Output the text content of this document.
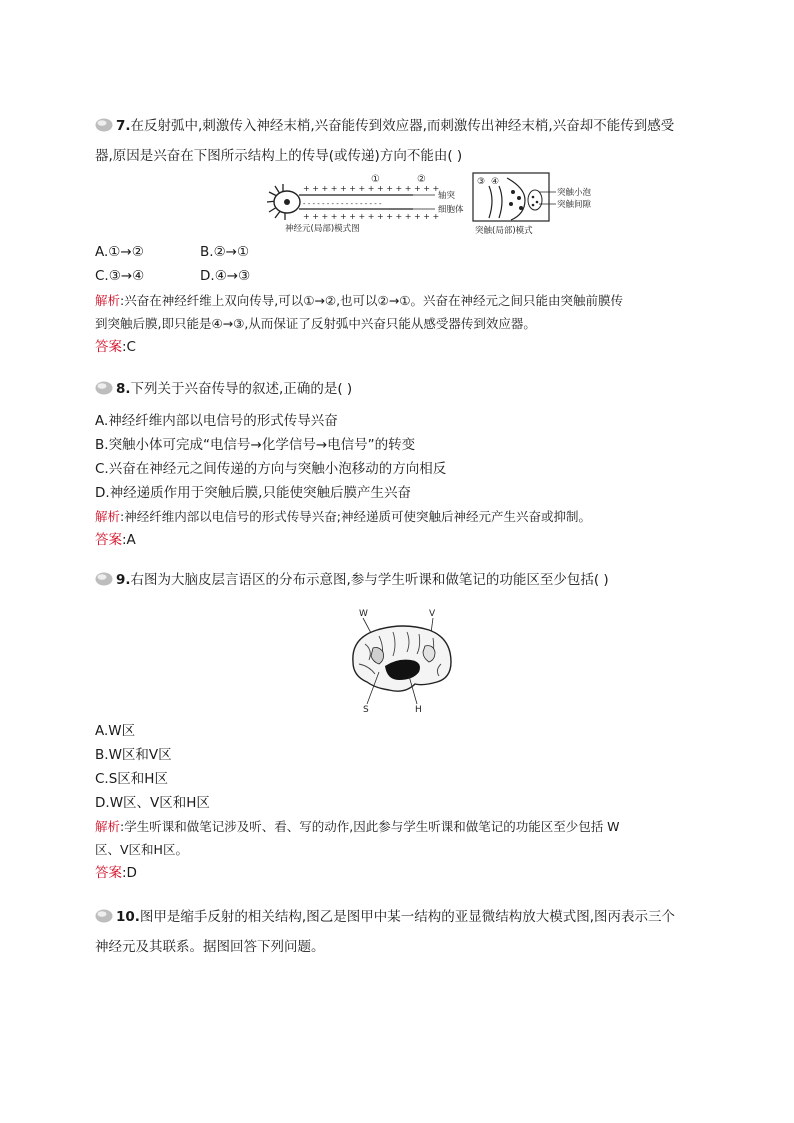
7.在反射弧中,刺激传入神经末梢,兴奋能传到效应器,而刺激传出神经末梢,兴奋却不能传到感受
器,原因是兴奋在下图所示结构上的传导(或传递)方向不能由( )
+ + + + + + + + + + + + + + +
+ + + + + + + + + + + + + + +
- - - - - - - - - - - - - - - - -
①	②
轴突
细胞体
神经元(局部)模式图
③ ④
突触小泡
突触间隙
突触(局部)模式
A.①→②	B.②→①
C.③→④	D.④→③
解析:兴奋在神经纤维上双向传导,可以①→②,也可以②→①。兴奋在神经元之间只能由突触前膜传
到突触后膜,即只能是④→③,从而保证了反射弧中兴奋只能从感受器传到效应器。
答案:C
8.下列关于兴奋传导的叙述,正确的是( )
A.神经纤维内部以电信号的形式传导兴奋
B.突触小体可完成“电信号→化学信号→电信号”的转变
C.兴奋在神经元之间传递的方向与突触小泡移动的方向相反
D.神经递质作用于突触后膜,只能使突触后膜产生兴奋
解析:神经纤维内部以电信号的形式传导兴奋;神经递质可使突触后神经元产生兴奋或抑制。
答案:A
9.右图为大脑皮层言语区的分布示意图,参与学生听课和做笔记的功能区至少包括( )
W	V
S	H
A.W区
B.W区和V区
C.S区和H区
D.W区、V区和H区
解析:学生听课和做笔记涉及听、看、写的动作,因此参与学生听课和做笔记的功能区至少包括 W
区、V区和H区。
答案:D
10.图甲是缩手反射的相关结构,图乙是图甲中某一结构的亚显微结构放大模式图,图丙表示三个
神经元及其联系。据图回答下列问题。
